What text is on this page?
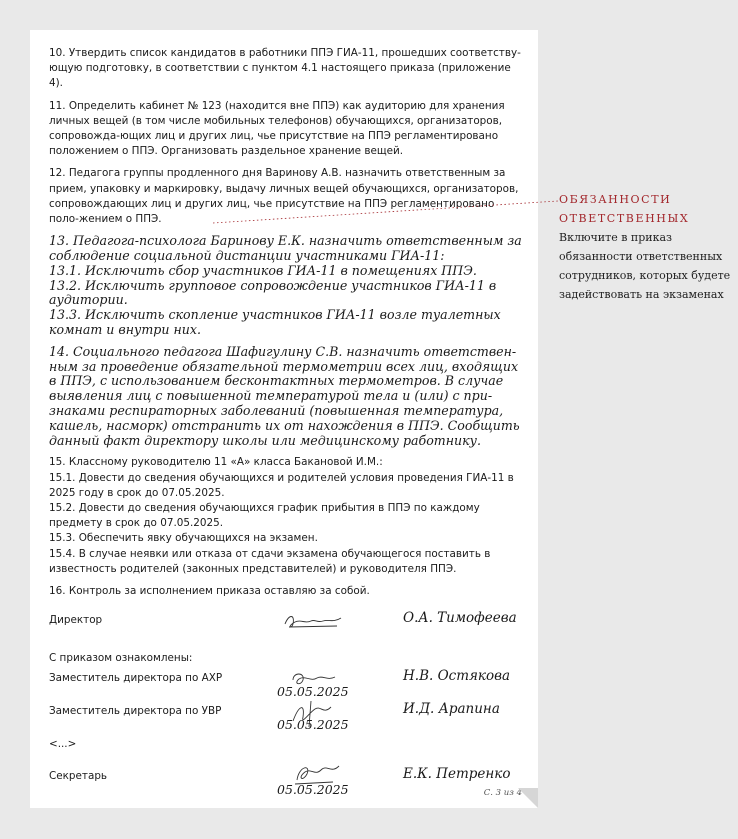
10. Утвердить список кандидатов в работники ППЭ ГИА‑11, прошедших соответству-ющую подготовку, в соответствии с пунктом 4.1 настоящего приказа (приложение 4).

11. Определить кабинет № 123 (находится вне ППЭ) как аудиторию для хранения личных вещей (в том числе мобильных телефонов) обучающихся, организаторов, сопровожда-ющих лиц и других лиц, чье присутствие на ППЭ регламентировано положением о ППЭ. Организовать раздельное хранение вещей.

12. Педагога группы продленного дня Варинову А.В. назначить ответственным за прием, упаковку и маркировку, выдачу личных вещей обучающихся, организаторов, сопровождающих лиц и других лиц, чье присутствие на ППЭ регламентировано поло-жением о ППЭ.

13. Педагога-психолога Баринову Е.К. назначить ответственным за соблюдение социальной дистанции участниками ГИА‑11:
13.1. Исключить сбор участников ГИА‑11 в помещениях ППЭ.
13.2. Исключить групповое сопровождение участников ГИА‑11 в аудитории.
13.3. Исключить скопление участников ГИА‑11 возле туалетных комнат и внутри них.
14. Социального педагога Шафигулину С.В. назначить ответствен-ным за проведение обязательной термометрии всех лиц, входящих в ППЭ, с использованием бесконтактных термометров. В случае выявления лиц с повышенной температурой тела и (или) с при-знаками респираторных заболеваний (повышенная температура, кашель, насморк) отстранить их от нахождения в ППЭ. Сообщить данный факт директору школы или медицинскому работнику.

15. Классному руководителю 11 «А» класса Бакановой И.М.:

15.1. Довести до сведения обучающихся и родителей условия проведения ГИА‑11 в 2025 году в срок до 07.05.2025.

15.2. Довести до сведения обучающихся график прибытия в ППЭ по каждому предмету в срок до 07.05.2025.

15.3. Обеспечить явку обучающихся на экзамен.

15.4. В случае неявки или отказа от сдачи экзамена обучающегося поставить в известность родителей (законных представителей) и руководителя ППЭ.

16. Контроль за исполнением приказа оставляю за собой.

Директор	О.А. Тимофеева
С приказом ознакомлены:
Заместитель директора по АХР
05.05.2025
Н.В. Остякова
Заместитель директора по УВР
05.05.2025
И.Д. Арапина
<...>
Секретарь
05.05.2025
Е.К. Петренко
С. 3 из 4
ОБЯЗАННОСТИ
ОТВЕТСТВЕННЫХ

Включите в приказ обязанности ответственных сотрудников, которых будете задействовать на экзаменах
